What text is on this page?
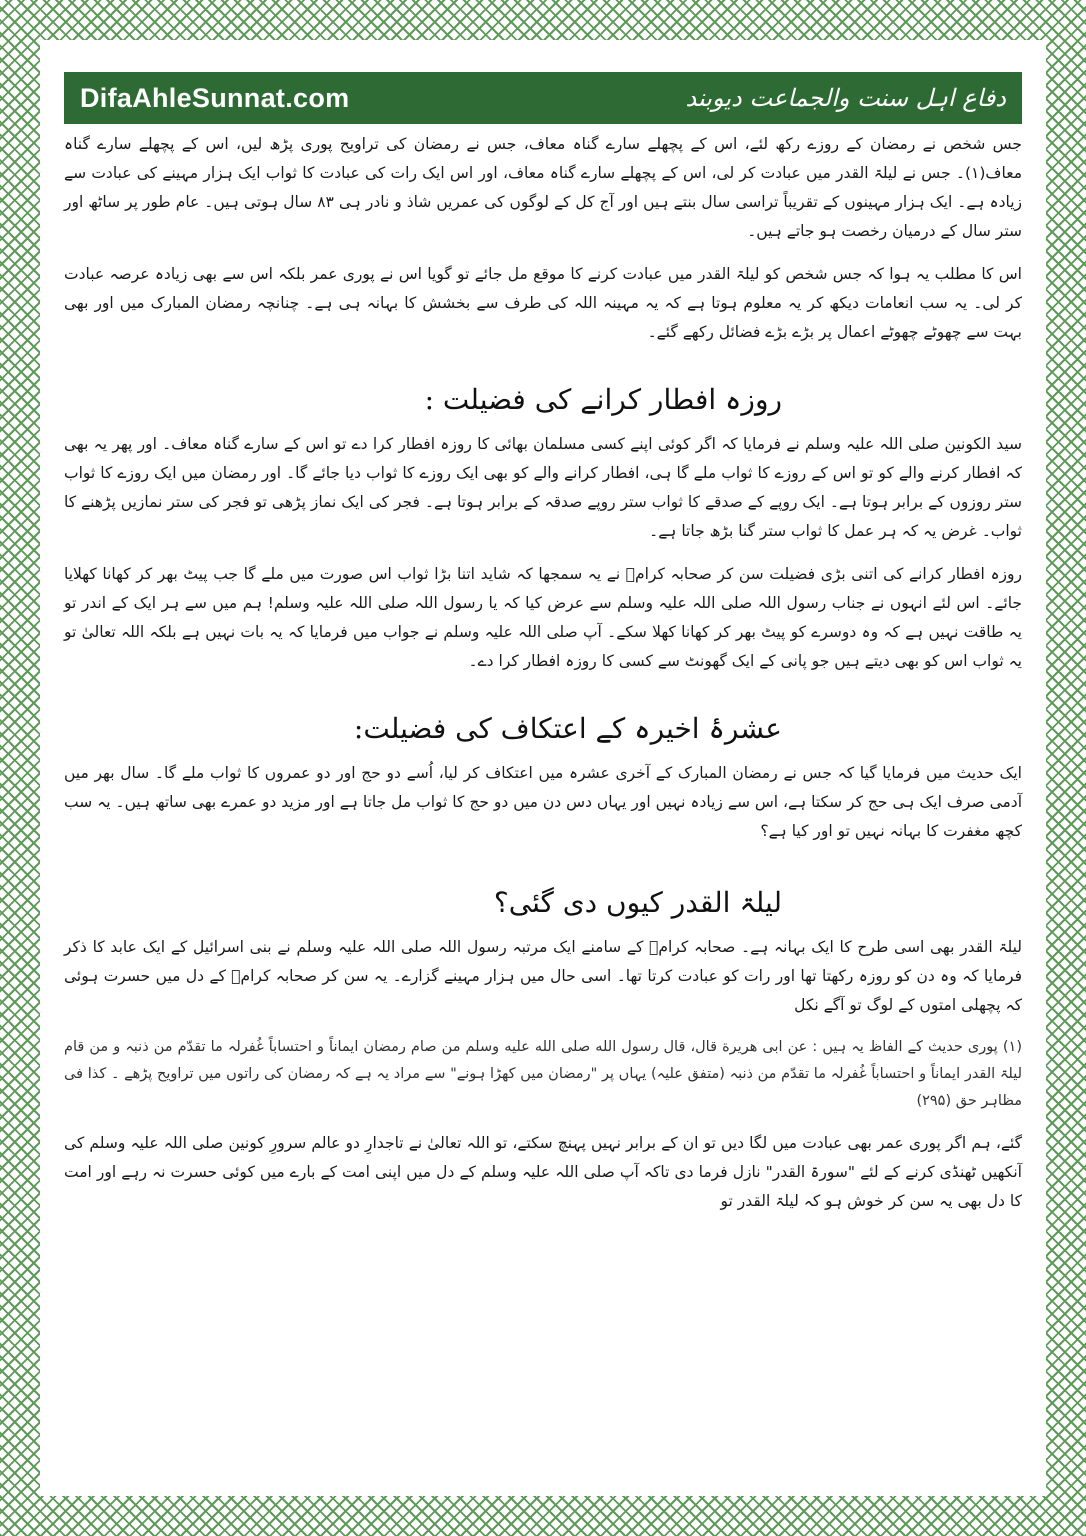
DifaAhleSunnat.com	دفاع اہل سنت والجماعت دیوبند

جس شخص نے رمضان کے روزے رکھ لئے، اس کے پچھلے سارے گناہ معاف، جس نے رمضان کی تراویح پوری پڑھ لیں، اس کے پچھلے سارے گناہ معاف(۱)۔ جس نے لیلۃ القدر میں عبادت کر لی، اس کے پچھلے سارے گناہ معاف، اور اس ایک رات کی عبادت کا ثواب ایک ہزار مہینے کی عبادت سے زیادہ ہے۔ ایک ہزار مہینوں کے تقریباً تراسی سال بنتے ہیں اور آج کل کے لوگوں کی عمریں شاذ و نادر ہی ۸۳ سال ہوتی ہیں۔ عام طور پر ساٹھ اور ستر سال کے درمیان رخصت ہو جاتے ہیں۔

اس کا مطلب یہ ہوا کہ جس شخص کو لیلۃ القدر میں عبادت کرنے کا موقع مل جائے تو گویا اس نے پوری عمر بلکہ اس سے بھی زیادہ عرصہ عبادت کر لی۔ یہ سب انعامات دیکھ کر یہ معلوم ہوتا ہے کہ یہ مہینہ اللہ کی طرف سے بخشش کا بہانہ ہی ہے۔ چنانچہ رمضان المبارک میں اور بھی بہت سے چھوٹے چھوٹے اعمال پر بڑے بڑے فضائل رکھے گئے۔

روزہ افطار کرانے کی فضیلت :

سید الکونین صلی اللہ علیہ وسلم نے فرمایا کہ اگر کوئی اپنے کسی مسلمان بھائی کا روزہ افطار کرا دے تو اس کے سارے گناہ معاف۔ اور پھر یہ بھی کہ افطار کرنے والے کو تو اس کے روزے کا ثواب ملے گا ہی، افطار کرانے والے کو بھی ایک روزے کا ثواب دیا جائے گا۔ اور رمضان میں ایک روزے کا ثواب ستر روزوں کے برابر ہوتا ہے۔ ایک روپے کے صدقے کا ثواب ستر روپے صدقہ کے برابر ہوتا ہے۔ فجر کی ایک نماز پڑھی تو فجر کی ستر نمازیں پڑھنے کا ثواب۔ غرض یہ کہ ہر عمل کا ثواب ستر گنا بڑھ جاتا ہے۔

روزہ افطار کرانے کی اتنی بڑی فضیلت سن کر صحابہ کرامؓ نے یہ سمجھا کہ شاید اتنا بڑا ثواب اس صورت میں ملے گا جب پیٹ بھر کر کھانا کھلایا جائے۔ اس لئے انہوں نے جناب رسول اللہ صلی اللہ علیہ وسلم سے عرض کیا کہ یا رسول اللہ صلی اللہ علیہ وسلم! ہم میں سے ہر ایک کے اندر تو یہ طاقت نہیں ہے کہ وہ دوسرے کو پیٹ بھر کر کھانا کھلا سکے۔ آپ صلی اللہ علیہ وسلم نے جواب میں فرمایا کہ یہ بات نہیں ہے بلکہ اللہ تعالیٰ تو یہ ثواب اس کو بھی دیتے ہیں جو پانی کے ایک گھونٹ سے کسی کا روزہ افطار کرا دے۔

عشرۂ اخیرہ کے اعتکاف کی فضیلت:

ایک حدیث میں فرمایا گیا کہ جس نے رمضان المبارک کے آخری عشرہ میں اعتکاف کر لیا، اُسے دو حج اور دو عمروں کا ثواب ملے گا۔ سال بھر میں آدمی صرف ایک ہی حج کر سکتا ہے، اس سے زیادہ نہیں اور یہاں دس دن میں دو حج کا ثواب مل جاتا ہے اور مزید دو عمرے بھی ساتھ ہیں۔ یہ سب کچھ مغفرت کا بہانہ نہیں تو اور کیا ہے؟

لیلۃ القدر کیوں دی گئی؟

لیلۃ القدر بھی اسی طرح کا ایک بہانہ ہے۔ صحابہ کرامؓ کے سامنے ایک مرتبہ رسول اللہ صلی اللہ علیہ وسلم نے بنی اسرائیل کے ایک عابد کا ذکر فرمایا کہ وہ دن کو روزہ رکھتا تھا اور رات کو عبادت کرتا تھا۔ اسی حال میں ہزار مہینے گزارے۔ یہ سن کر صحابہ کرامؓ کے دل میں حسرت ہوئی کہ پچھلی امتوں کے لوگ تو آگے نکل

(۱) پوری حدیث کے الفاظ یہ ہیں : عن ابی هريرة قال، قال رسول الله صلى الله عليه وسلم من صام رمضان ايماناً و احتساباً غُفرلہ ما تقدّم من ذنبہ و من قام لیلۃ القدر ایماناً و احتساباً غُفرلہ ما تقدّم من ذنبہ (متفق علیہ) یہاں پر "رمضان میں کھڑا ہونے" سے مراد یہ ہے کہ رمضان کی راتوں میں تراویح پڑھے ۔ کذا فی مظاہر حق (۲۹۵)

گئے، ہم اگر پوری عمر بھی عبادت میں لگا دیں تو ان کے برابر نہیں پہنچ سکتے، تو اللہ تعالیٰ نے تاجدارِ دو عالم سرورِ کونین صلی اللہ علیہ وسلم کی آنکھیں ٹھنڈی کرنے کے لئے "سورۃ القدر" نازل فرما دی تاکہ آپ صلی اللہ علیہ وسلم کے دل میں اپنی امت کے بارے میں کوئی حسرت نہ رہے اور امت کا دل بھی یہ سن کر خوش ہو کہ لیلۃ القدر تو
